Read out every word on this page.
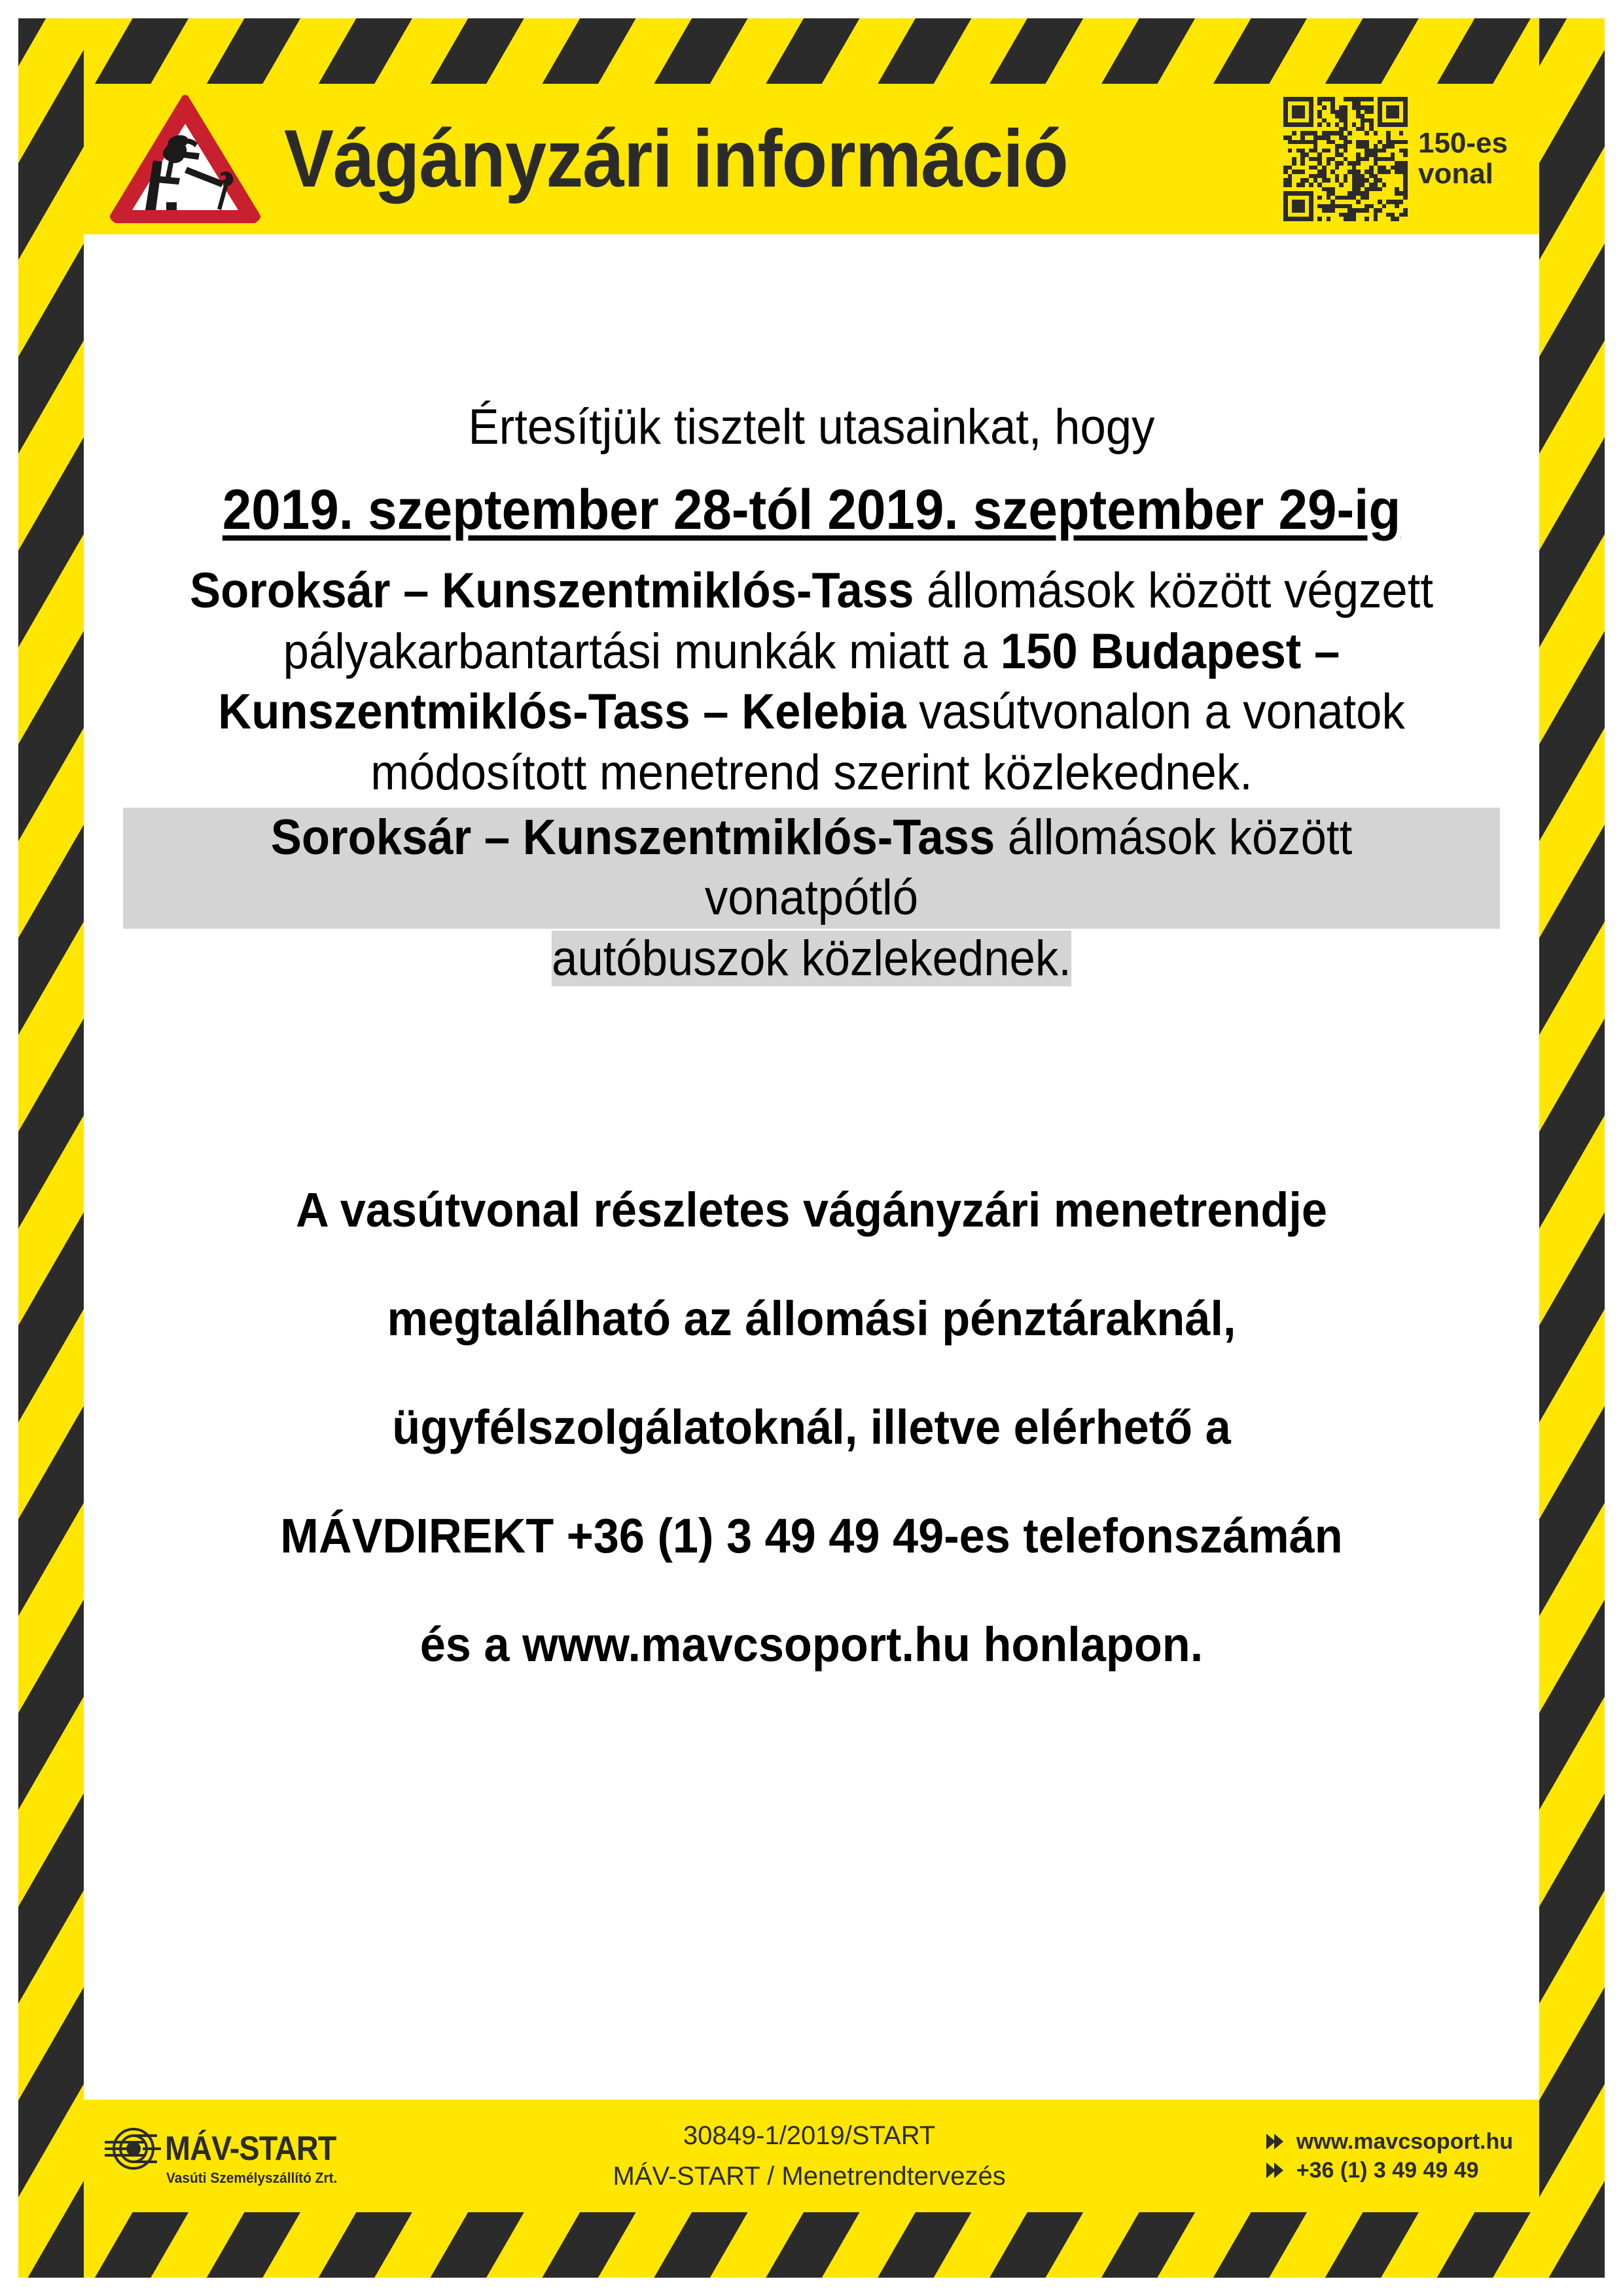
Vágányzári információ	150-es
vonal
Értesítjük tisztelt utasainkat, hogy
2019. szeptember 28-tól 2019. szeptember 29-ig
Soroksár – Kunszentmiklós-Tass állomások között végzett pályakarbantartási munkák miatt a 150 Budapest – Kunszentmiklós-Tass – Kelebia vasútvonalon a vonatok módosított menetrend szerint közlekednek.
Soroksár – Kunszentmiklós-Tass állomások között vonatpótló
autóbuszok közlekednek.
A vasútvonal részletes vágányzári menetrendje
megtalálható az állomási pénztáraknál,
ügyfélszolgálatoknál, illetve elérhető a
MÁVDIREKT +36 (1) 3 49 49 49-es telefonszámán
és a www.mavcsoport.hu honlapon.
MÁV-START
Vasúti Személyszállító Zrt.
30849-1/2019/START
MÁV-START / Menetrendtervezés
www.mavcsoport.hu
+36 (1) 3 49 49 49
